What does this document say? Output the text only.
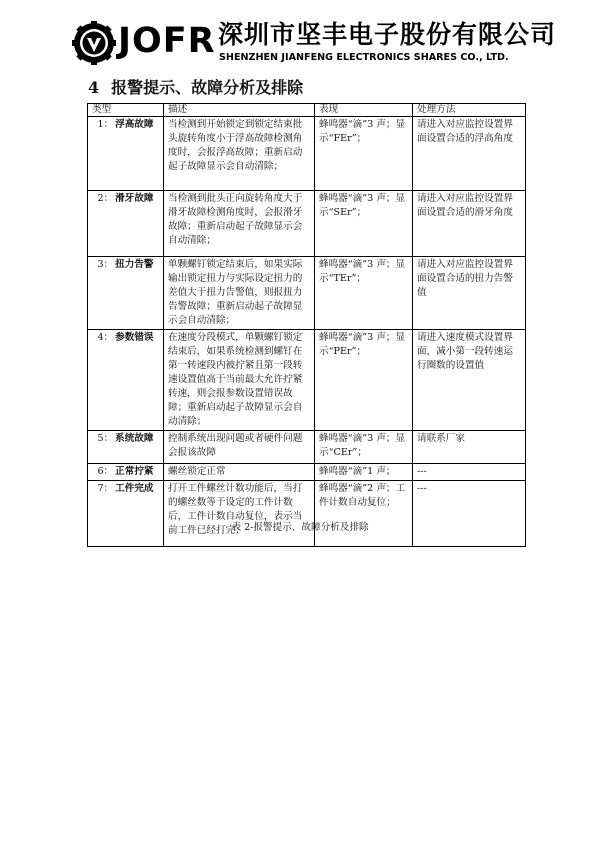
JOFR 深圳市坚丰电子股份有限公司
SHENZHEN JIANFENG ELECTRONICS SHARES CO., LTD.
4 报警提示、故障分析及排除
类型	描述	表现	处理方法
1： 浮高故障	当检测到开始锁定到锁定结束批头旋转角度小于浮高故障检测角度时，会报浮高故障；重新启动起子故障显示会自动清除；	蜂鸣器“滴”3 声；显示“FEr”；	请进入对应监控设置界面设置合适的浮高角度
2： 滑牙故障	当检测到批头正向旋转角度大于滑牙故障检测角度时，会报滑牙故障；重新启动起子故障显示会自动清除；	蜂鸣器“滴”3 声；显示“SEr”；	请进入对应监控设置界面设置合适的滑牙角度
3： 扭力告警	单颗螺钉锁定结束后，如果实际输出锁定扭力与实际设定扭力的差值大于扭力告警值，则报扭力告警故障；重新启动起子故障显示会自动清除；	蜂鸣器“滴”3 声；显示“TEr”；	请进入对应监控设置界面设置合适的扭力告警值
4： 参数错误	在速度分段模式，单颗螺钉锁定结束后，如果系统检测到螺钉在第一转速段内被拧紧且第一段转速设置值高于当前最大允许拧紧转速，则会报参数设置错误故障；重新启动起子故障显示会自动清除；	蜂鸣器“滴”3 声；显示“PEr”；	请进入速度模式设置界面，减小第一段转速运行圈数的设置值
5： 系统故障	控制系统出现问题或者硬件问题会报该故障	蜂鸣器“滴”3 声；显示“CEr”；	请联系厂家
6： 正常拧紧	螺丝锁定正常	蜂鸣器“滴”1 声；	---
7： 工件完成	打开工件螺丝计数功能后，当打的螺丝数等于设定的工件计数后，工件计数自动复位，表示当前工件已经打完；	蜂鸣器“滴”2 声；工件计数自动复位；	---
表 2-报警提示、故障分析及排除
